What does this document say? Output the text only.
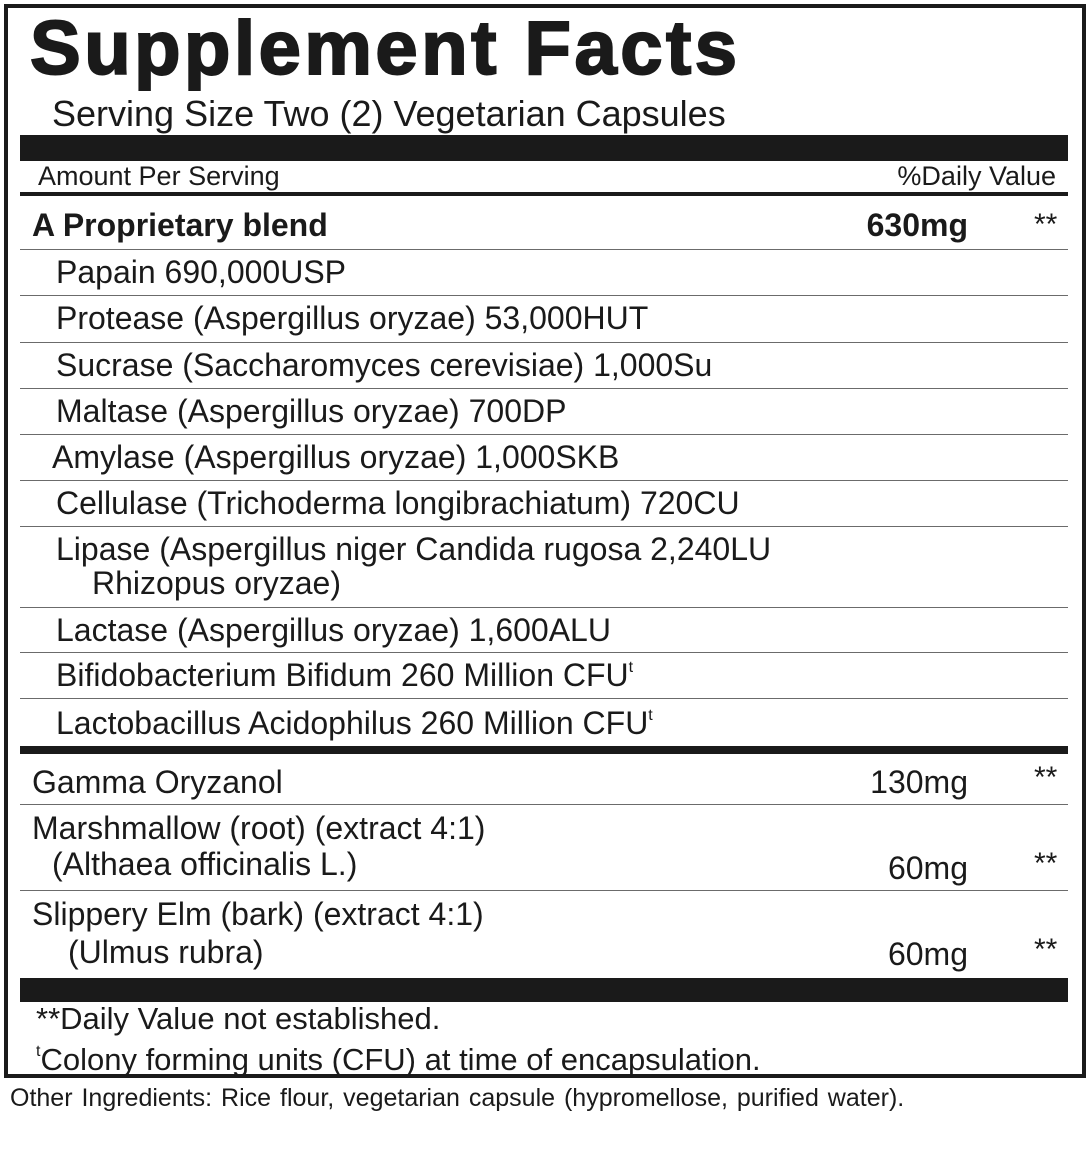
Supplement Facts
Serving Size Two (2) Vegetarian Capsules
Amount Per Serving	%Daily Value
A Proprietary blend	630mg **
Papain 690,000USP
Protease (Aspergillus oryzae) 53,000HUT
Sucrase (Saccharomyces cerevisiae) 1,000Su
Maltase (Aspergillus oryzae) 700DP
Amylase (Aspergillus oryzae) 1,000SKB
Cellulase (Trichoderma longibrachiatum) 720CU
Lipase (Aspergillus niger Candida rugosa 2,240LU
Rhizopus oryzae)
Lactase (Aspergillus oryzae) 1,600ALU
Bifidobacterium Bifidum 260 Million CFU$^t$
Lactobacillus Acidophilus 260 Million CFU$^t$
Gamma Oryzanol	130mg **
Marshmallow (root) (extract 4:1)
(Althaea officinalis L.)	60mg **
Slippery Elm (bark) (extract 4:1)
(Ulmus rubra)	60mg **
**Daily Value not established.
$^t$Colony forming units (CFU) at time of encapsulation.
Other Ingredients: Rice flour, vegetarian capsule (hypromellose, purified water).
